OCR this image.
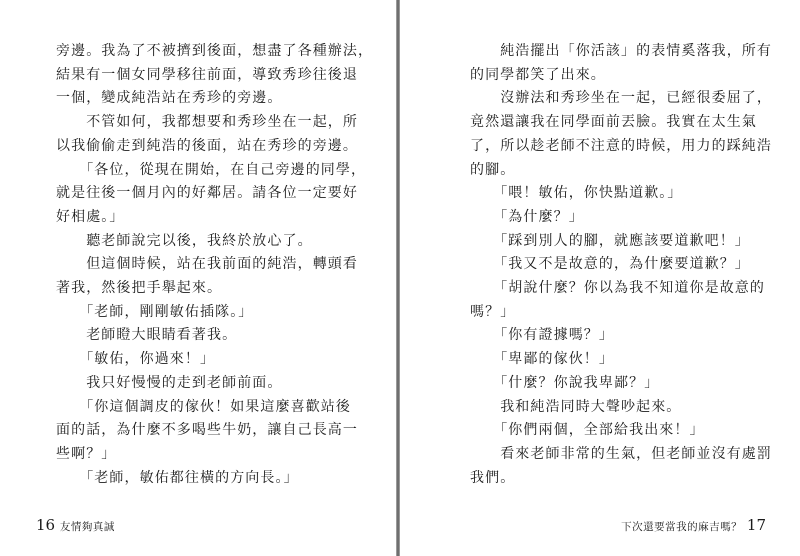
旁邊。我為了不被擠到後面，想盡了各種辦法，

結果有一個女同學移往前面，導致秀珍往後退

一個，變成純浩站在秀珍的旁邊。

　　不管如何，我都想要和秀珍坐在一起，所

以我偷偷走到純浩的後面，站在秀珍的旁邊。

　　「各位，從現在開始，在自己旁邊的同學，

就是往後一個月內的好鄰居。請各位一定要好

好相處。」

　　聽老師說完以後，我終於放心了。

　　但這個時候，站在我前面的純浩，轉頭看

著我，然後把手舉起來。

　　「老師，剛剛敏佑插隊。」

　　老師瞪大眼睛看著我。

　　「敏佑，你過來！」

　　我只好慢慢的走到老師前面。

　　「你這個調皮的傢伙！如果這麼喜歡站後

面的話，為什麼不多喝些牛奶，讓自己長高一

些啊？」

　　「老師，敏佑都往橫的方向長。」

16 友情夠真誠	下次還要當我的麻吉嗎？ 17

　　純浩擺出「你活該」的表情奚落我，所有

的同學都笑了出來。

　　沒辦法和秀珍坐在一起，已經很委屈了，

竟然還讓我在同學面前丟臉。我實在太生氣

了，所以趁老師不注意的時候，用力的踩純浩

的腳。

　　「喂！敏佑，你快點道歉。」

　　「為什麼？」

　　「踩到別人的腳，就應該要道歉吧！」

　　「我又不是故意的，為什麼要道歉？」

　　「胡說什麼？你以為我不知道你是故意的

嗎？」

　　「你有證據嗎？」

　　「卑鄙的傢伙！」

　　「什麼？你說我卑鄙？」

　　我和純浩同時大聲吵起來。

　　「你們兩個，全部給我出來！」

　　看來老師非常的生氣，但老師並沒有處罰

我們。
